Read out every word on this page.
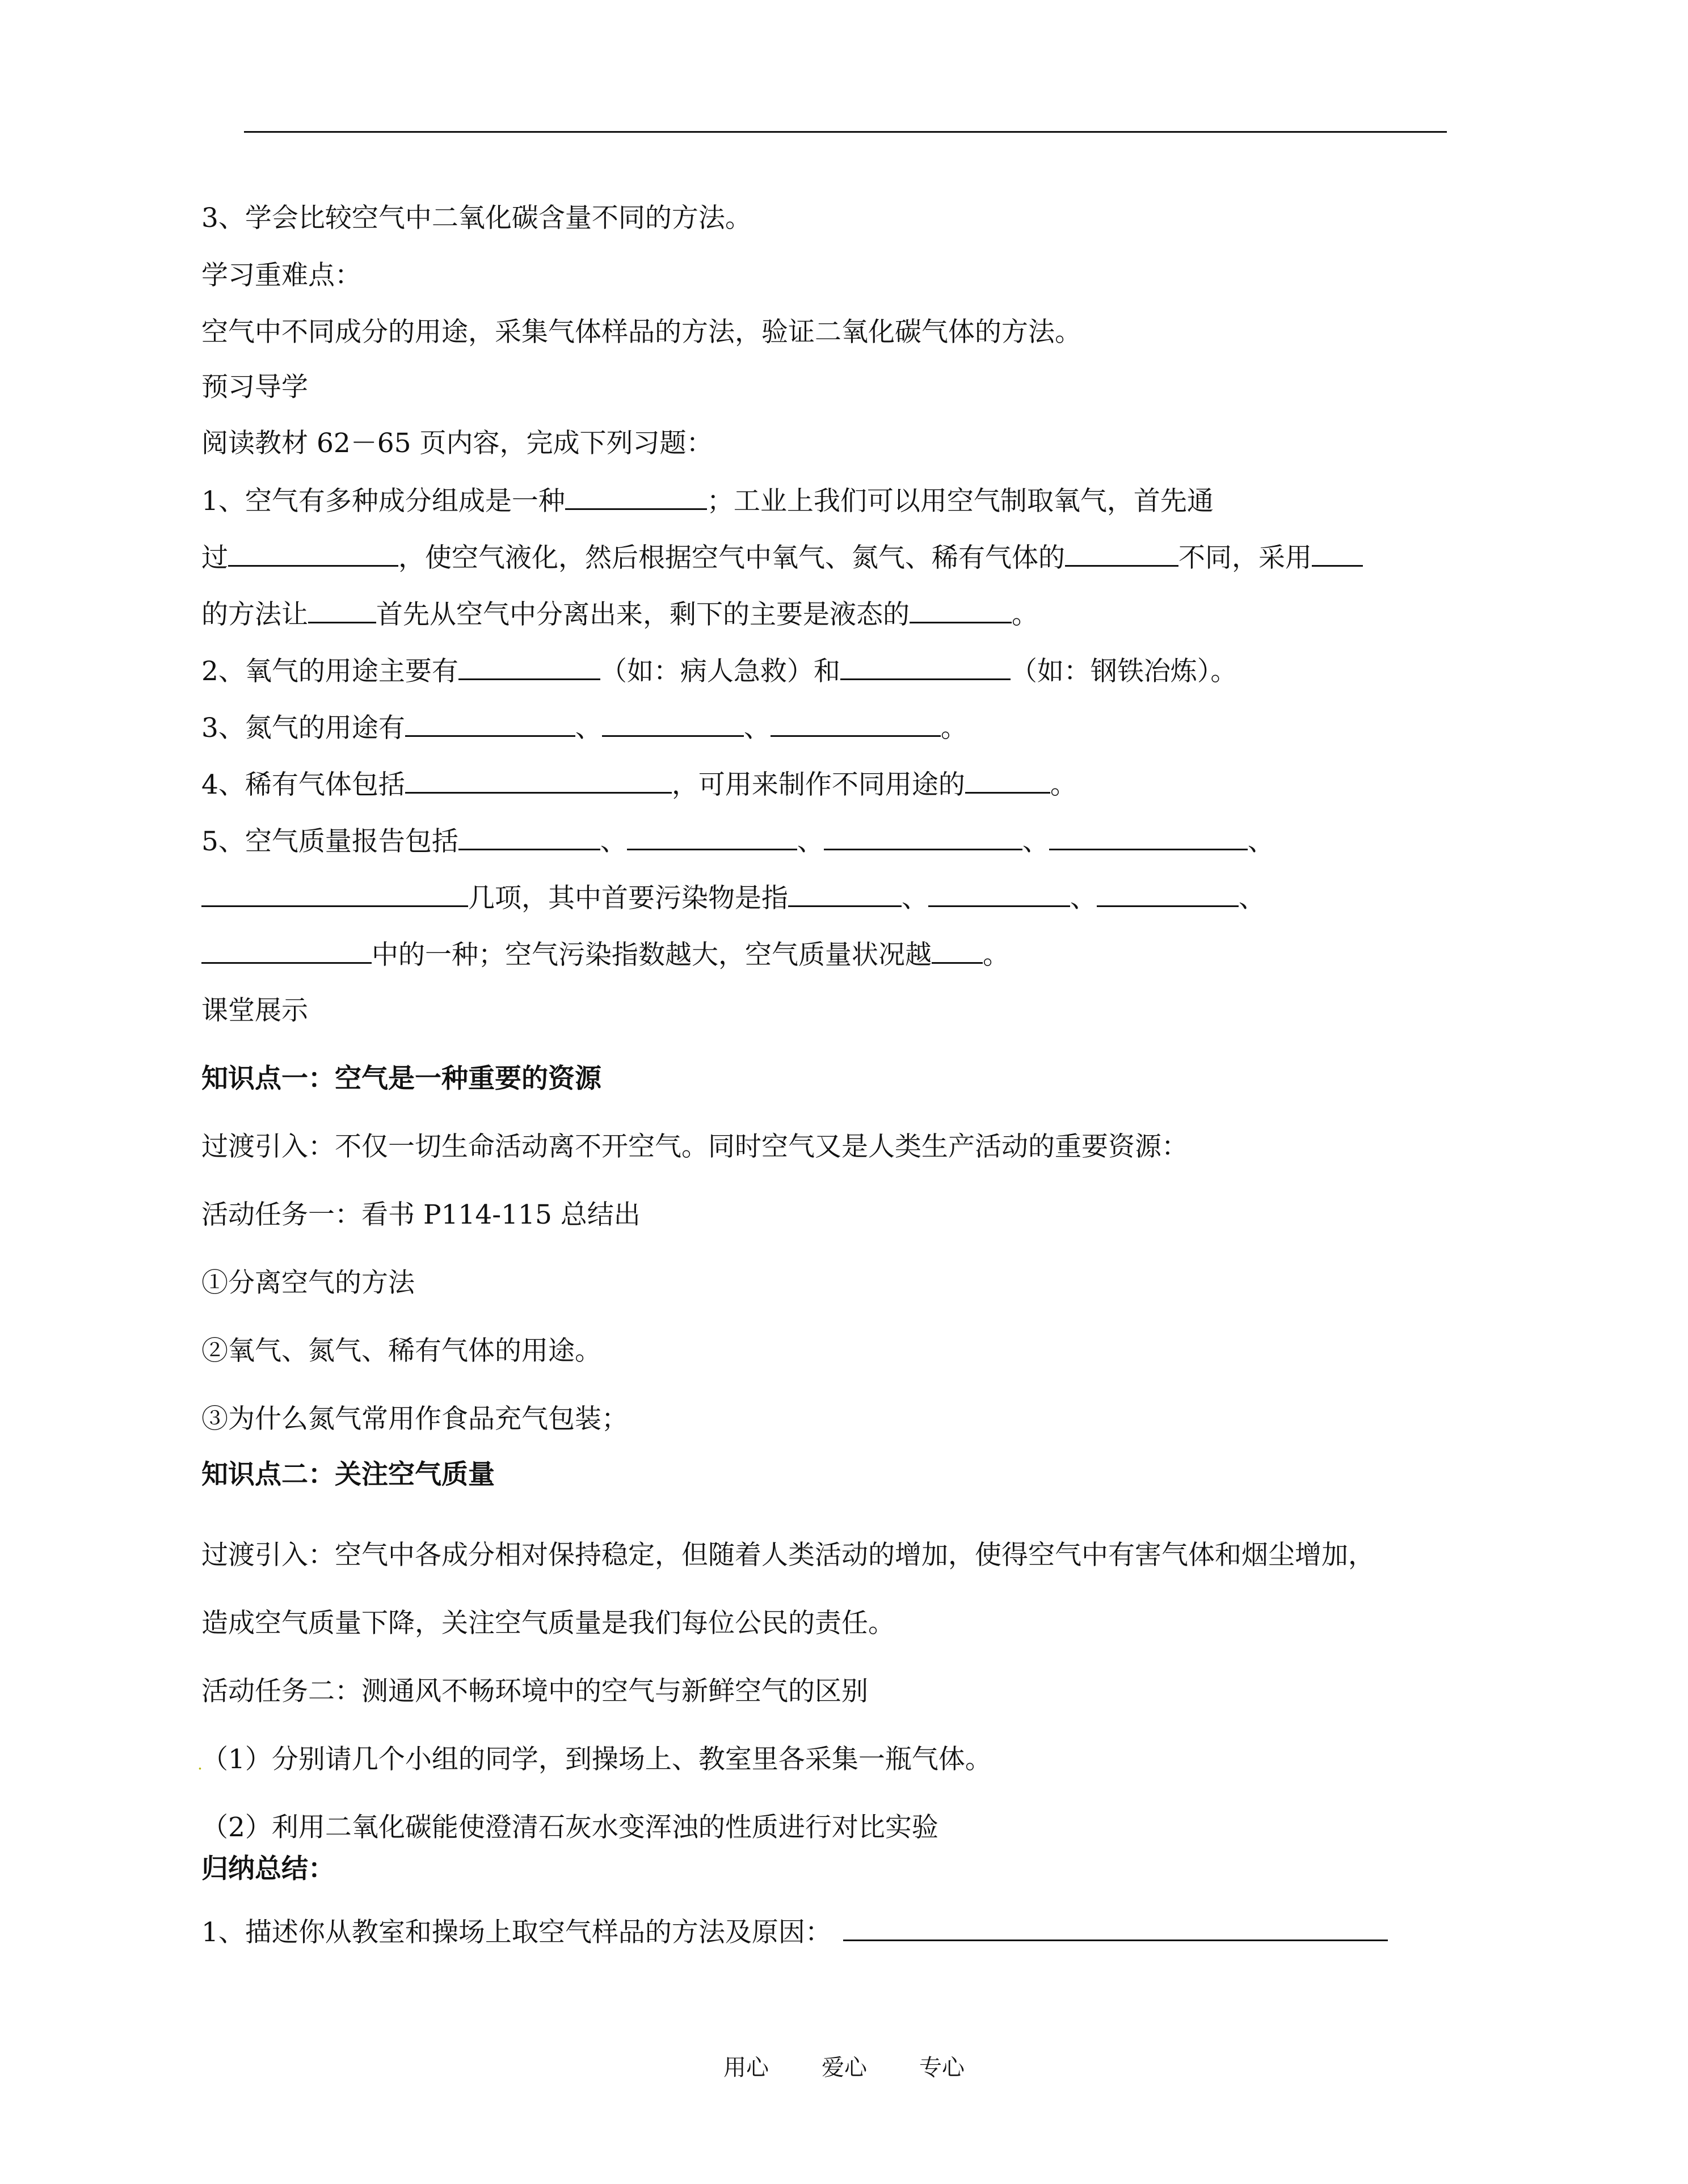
3、学会比较空气中二氧化碳含量不同的方法。
学习重难点：
空气中不同成分的用途，采集气体样品的方法，验证二氧化碳气体的方法。
预习导学
阅读教材 62－65 页内容，完成下列习题：
1、空气有多种成分组成是一种	；工业上我们可以用空气制取氧气，首先通
过	，使空气液化，然后根据空气中氧气、氮气、稀有气体的	不同，采用
的方法让	首先从空气中分离出来，剩下的主要是液态的	。
2、氧气的用途主要有	（如：病人急救）和	（如：钢铁冶炼）。
3、氮气的用途有	、	、	。
4、稀有气体包括	，可用来制作不同用途的	。
5、空气质量报告包括	、	、	、	、
几项，其中首要污染物是指	、	、	、
中的一种；空气污染指数越大，空气质量状况越 。
课堂展示
知识点一：空气是一种重要的资源
过渡引入：不仅一切生命活动离不开空气。同时空气又是人类生产活动的重要资源：
活动任务一：看书 P114-115 总结出
①分离空气的方法
②氧气、氮气、稀有气体的用途。
③为什么氮气常用作食品充气包装；
知识点二：关注空气质量
过渡引入：空气中各成分相对保持稳定，但随着人类活动的增加，使得空气中有害气体和烟尘增加，
造成空气质量下降，关注空气质量是我们每位公民的责任。
活动任务二：测通风不畅环境中的空气与新鲜空气的区别
.
（1）分别请几个小组的同学，到操场上、教室里各采集一瓶气体。
（2）利用二氧化碳能使澄清石灰水变浑浊的性质进行对比实验
归纳总结：
1、描述你从教室和操场上取空气样品的方法及原因：
用心 爱心 专心
